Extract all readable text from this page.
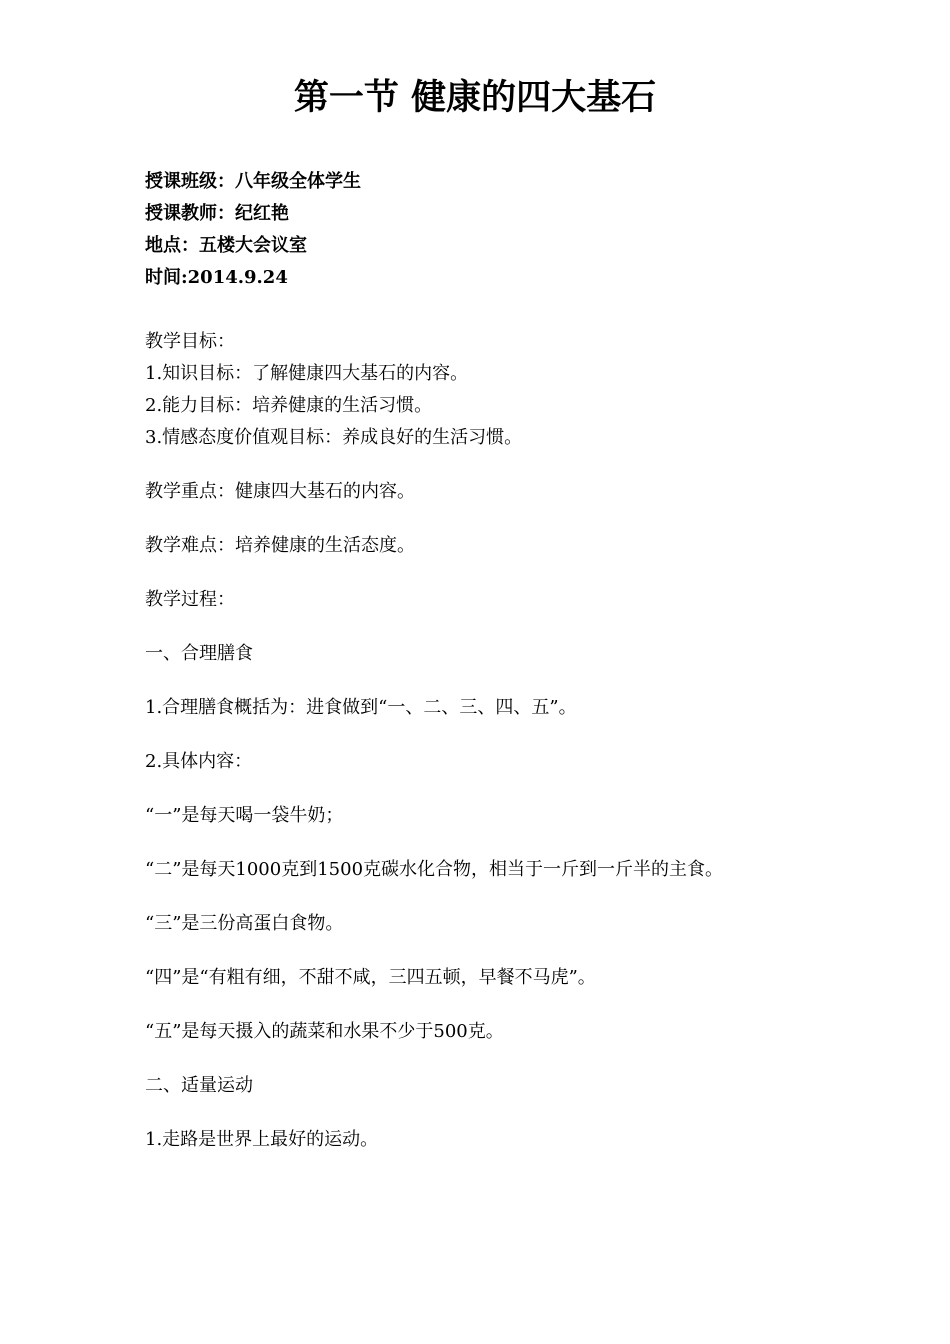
第一节 健康的四大基石

授课班级：八年级全体学生

授课教师：纪红艳

地点：五楼大会议室

时间:2014.9.24

教学目标：

1.知识目标：了解健康四大基石的内容。

2.能力目标：培养健康的生活习惯。

3.情感态度价值观目标：养成良好的生活习惯。

教学重点：健康四大基石的内容。

教学难点：培养健康的生活态度。

教学过程：

一、合理膳食

1.合理膳食概括为：进食做到“一、二、三、四、五”。

2.具体内容：

“一”是每天喝一袋牛奶；

“二”是每天1000克到1500克碳水化合物，相当于一斤到一斤半的主食。

“三”是三份高蛋白食物。

“四”是“有粗有细，不甜不咸，三四五顿，早餐不马虎”。

“五”是每天摄入的蔬菜和水果不少于500克。

二、适量运动

1.走路是世界上最好的运动。
